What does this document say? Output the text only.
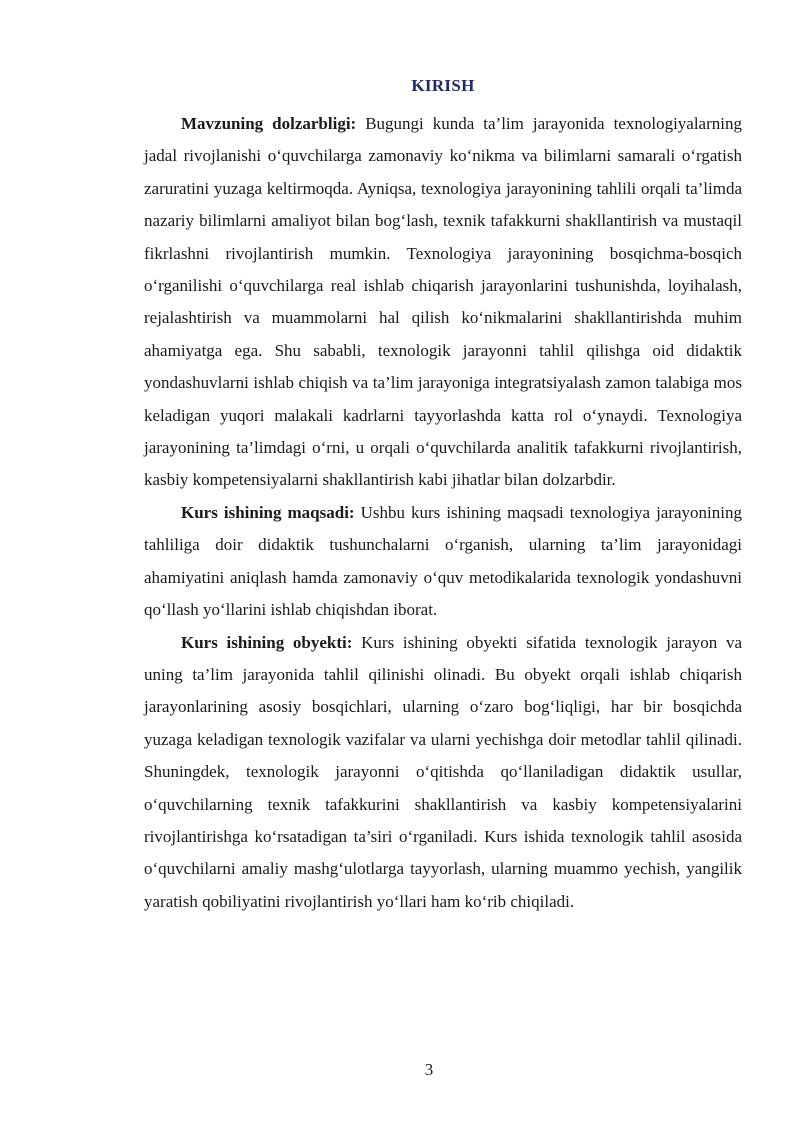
KIRISH

Mavzuning dolzarbligi: Bugungi kunda ta’lim jarayonida texnologiyalarning jadal rivojlanishi o‘quvchilarga zamonaviy ko‘nikma va bilimlarni samarali o‘rgatish zaruratini yuzaga keltirmoqda. Ayniqsa, texnologiya jarayonining tahlili orqali ta’limda nazariy bilimlarni amaliyot bilan bog‘lash, texnik tafakkurni shakllantirish va mustaqil fikrlashni rivojlantirish mumkin. Texnologiya jarayonining bosqichma-bosqich o‘rganilishi o‘quvchilarga real ishlab chiqarish jarayonlarini tushunishda, loyihalash, rejalashtirish va muammolarni hal qilish ko‘nikmalarini shakllantirishda muhim ahamiyatga ega. Shu sababli, texnologik jarayonni tahlil qilishga oid didaktik yondashuvlarni ishlab chiqish va ta’lim jarayoniga integratsiyalash zamon talabiga mos keladigan yuqori malakali kadrlarni tayyorlashda katta rol o‘ynaydi. Texnologiya jarayonining ta’limdagi o‘rni, u orqali o‘quvchilarda analitik tafakkurni rivojlantirish, kasbiy kompetensiyalarni shakllantirish kabi jihatlar bilan dolzarbdir.

Kurs ishining maqsadi: Ushbu kurs ishining maqsadi texnologiya jarayonining tahliliga doir didaktik tushunchalarni o‘rganish, ularning ta’lim jarayonidagi ahamiyatini aniqlash hamda zamonaviy o‘quv metodikalarida texnologik yondashuvni qo‘llash yo‘llarini ishlab chiqishdan iborat.

Kurs ishining obyekti: Kurs ishining obyekti sifatida texnologik jarayon va uning ta’lim jarayonida tahlil qilinishi olinadi. Bu obyekt orqali ishlab chiqarish jarayonlarining asosiy bosqichlari, ularning o‘zaro bog‘liqligi, har bir bosqichda yuzaga keladigan texnologik vazifalar va ularni yechishga doir metodlar tahlil qilinadi. Shuningdek, texnologik jarayonni o‘qitishda qo‘llaniladigan didaktik usullar, o‘quvchilarning texnik tafakkurini shakllantirish va kasbiy kompetensiyalarini rivojlantirishga ko‘rsatadigan ta’siri o‘rganiladi. Kurs ishida texnologik tahlil asosida o‘quvchilarni amaliy mashg‘ulotlarga tayyorlash, ularning muammo yechish, yangilik yaratish qobiliyatini rivojlantirish yo‘llari ham ko‘rib chiqiladi.

3
